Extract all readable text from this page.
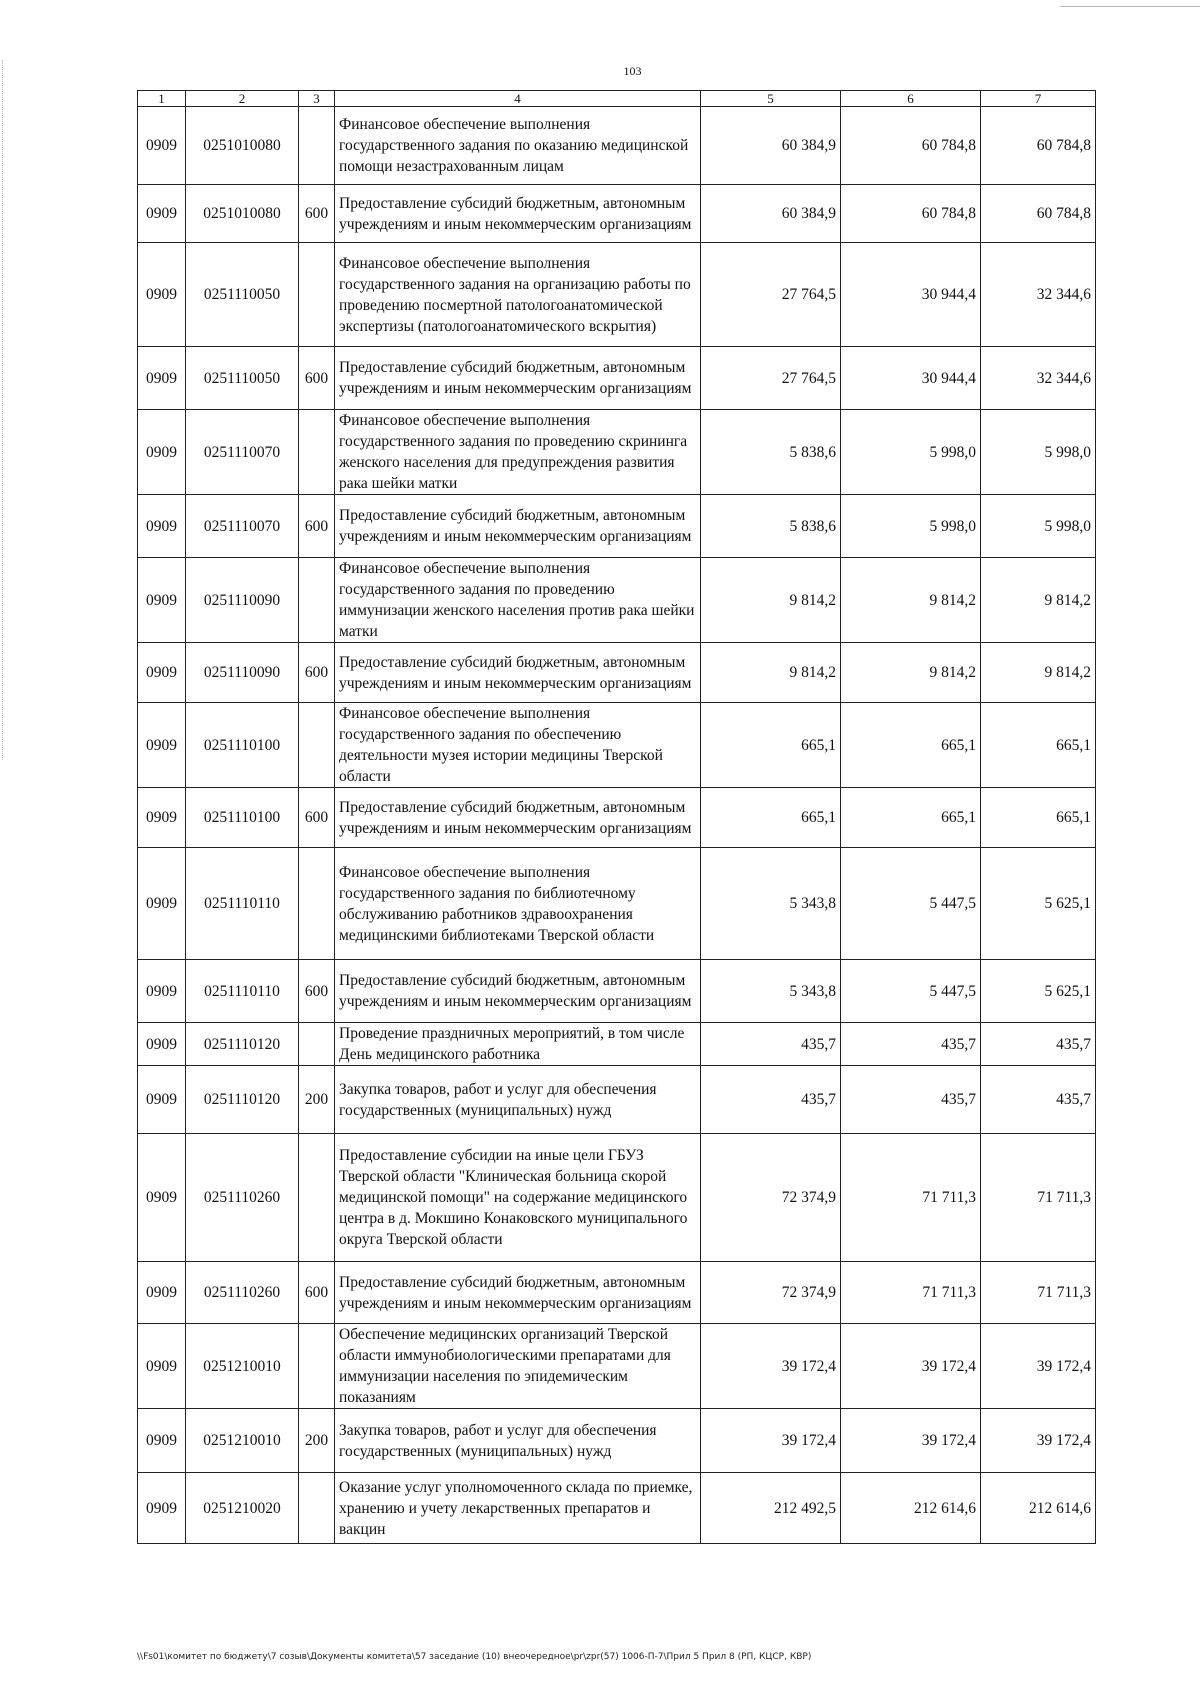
103
1	2	3	4	5	6	7
0909	0251010080		Финансовое обеспечение выполнения государственного задания по оказанию медицинской помощи незастрахованным лицам	60 384,9	60 784,8	60 784,8
0909	0251010080	600	Предоставление субсидий бюджетным, автономным учреждениям и иным некоммерческим организациям	60 384,9	60 784,8	60 784,8
0909	0251110050		Финансовое обеспечение выполнения государственного задания на организацию работы по проведению посмертной патологоанатомической экспертизы (патологоанатомического вскрытия)	27 764,5	30 944,4	32 344,6
0909	0251110050	600	Предоставление субсидий бюджетным, автономным учреждениям и иным некоммерческим организациям	27 764,5	30 944,4	32 344,6
0909	0251110070		Финансовое обеспечение выполнения государственного задания по проведению скрининга женского населения для предупреждения развития рака шейки матки	5 838,6	5 998,0	5 998,0
0909	0251110070	600	Предоставление субсидий бюджетным, автономным учреждениям и иным некоммерческим организациям	5 838,6	5 998,0	5 998,0
0909	0251110090		Финансовое обеспечение выполнения государственного задания по проведению иммунизации женского населения против рака шейки матки	9 814,2	9 814,2	9 814,2
0909	0251110090	600	Предоставление субсидий бюджетным, автономным учреждениям и иным некоммерческим организациям	9 814,2	9 814,2	9 814,2
0909	0251110100		Финансовое обеспечение выполнения государственного задания по обеспечению деятельности музея истории медицины Тверской области	665,1	665,1	665,1
0909	0251110100	600	Предоставление субсидий бюджетным, автономным учреждениям и иным некоммерческим организациям	665,1	665,1	665,1
0909	0251110110		Финансовое обеспечение выполнения государственного задания по библиотечному обслуживанию работников здравоохранения медицинскими библиотеками Тверской области	5 343,8	5 447,5	5 625,1
0909	0251110110	600	Предоставление субсидий бюджетным, автономным учреждениям и иным некоммерческим организациям	5 343,8	5 447,5	5 625,1
0909	0251110120		Проведение праздничных мероприятий, в том числе День медицинского работника	435,7	435,7	435,7
0909	0251110120	200	Закупка товаров, работ и услуг для обеспечения государственных (муниципальных) нужд	435,7	435,7	435,7
0909	0251110260		Предоставление субсидии на иные цели ГБУЗ Тверской области "Клиническая больница скорой медицинской помощи" на содержание медицинского центра в д. Мокшино Конаковского муниципального округа Тверской области	72 374,9	71 711,3	71 711,3
0909	0251110260	600	Предоставление субсидий бюджетным, автономным учреждениям и иным некоммерческим организациям	72 374,9	71 711,3	71 711,3
0909	0251210010		Обеспечение медицинских организаций Тверской области иммунобиологическими препаратами для иммунизации населения по эпидемическим показаниям	39 172,4	39 172,4	39 172,4
0909	0251210010	200	Закупка товаров, работ и услуг для обеспечения государственных (муниципальных) нужд	39 172,4	39 172,4	39 172,4
0909	0251210020		Оказание услуг уполномоченного склада по приемке, хранению и учету лекарственных препаратов и вакцин	212 492,5	212 614,6	212 614,6
\\Fs01\комитет по бюджету\7 созыв\Документы комитета\57 заседание (10) внеочередное\pr\zpr(57) 1006-П-7\Прил 5 Прил 8 (РП, КЦСР, КВР)
